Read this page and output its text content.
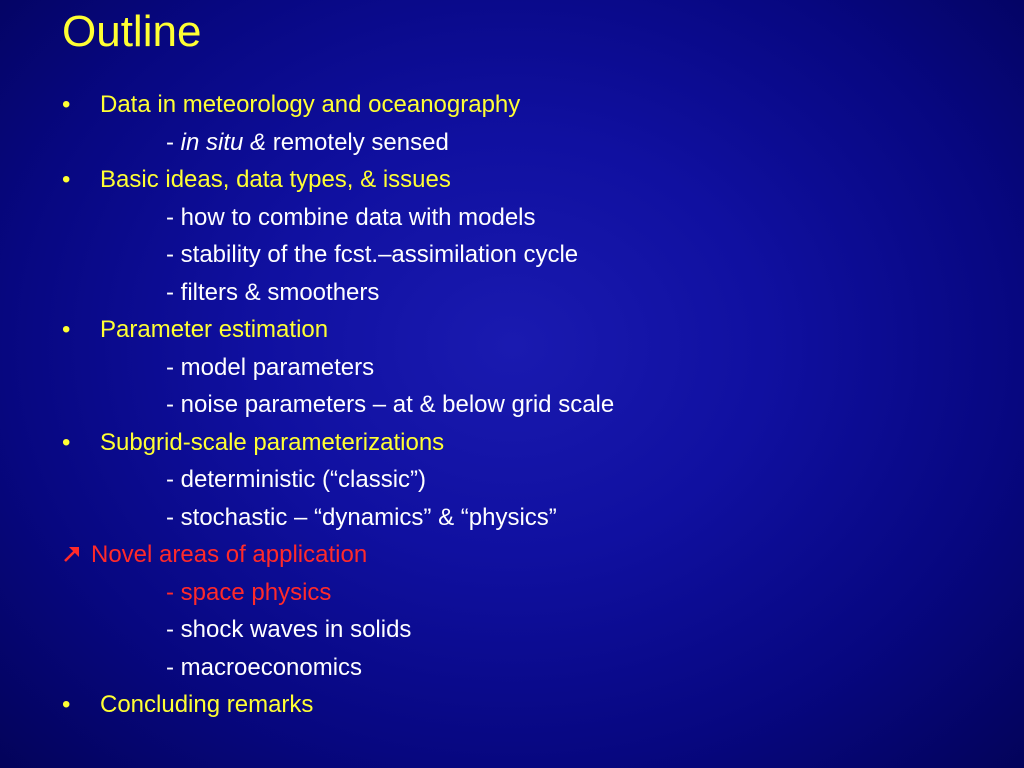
Outline
• Data in meteorology and oceanography
- in situ & remotely sensed
• Basic ideas, data types, & issues
- how to combine data with models
- stability of the fcst.–assimilation cycle
- filters & smoothers
• Parameter estimation
- model parameters
- noise parameters – at & below grid scale
• Subgrid-scale parameterizations
- deterministic (“classic”)
- stochastic – “dynamics” & “physics”
Novel areas of application
- space physics
- shock waves in solids
- macroeconomics
• Concluding remarks
